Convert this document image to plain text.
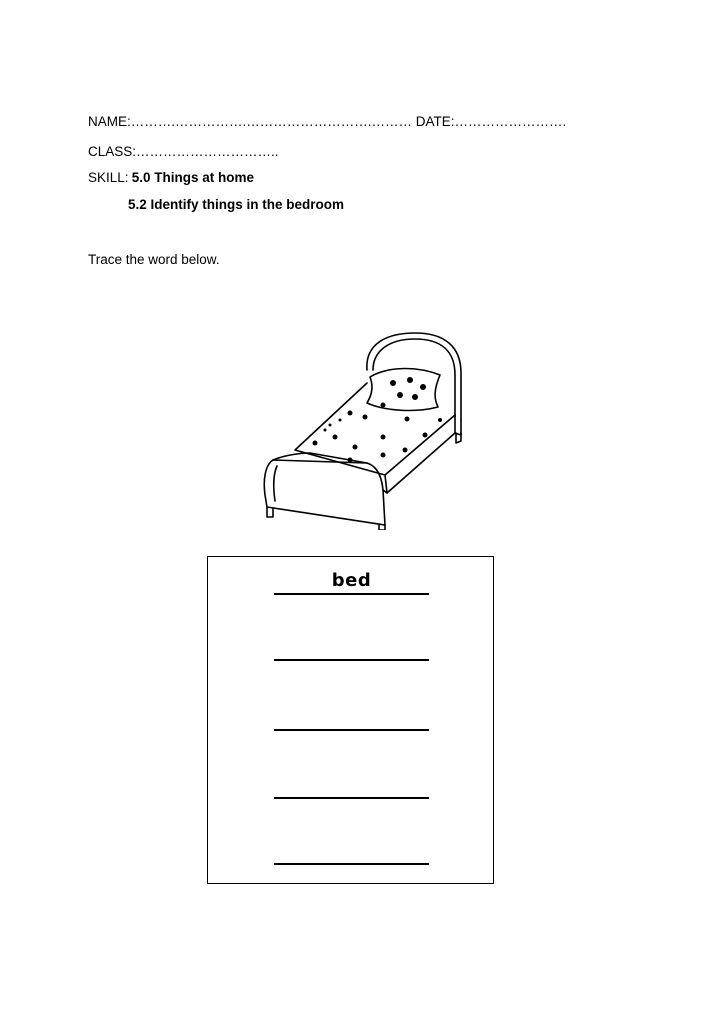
NAME:……….…………….……………………….……… DATE:…………………….
CLASS:…………………………..
SKILL: 5.0 Things at home
5.2 Identify things in the bedroom
Trace the word below.
bed
